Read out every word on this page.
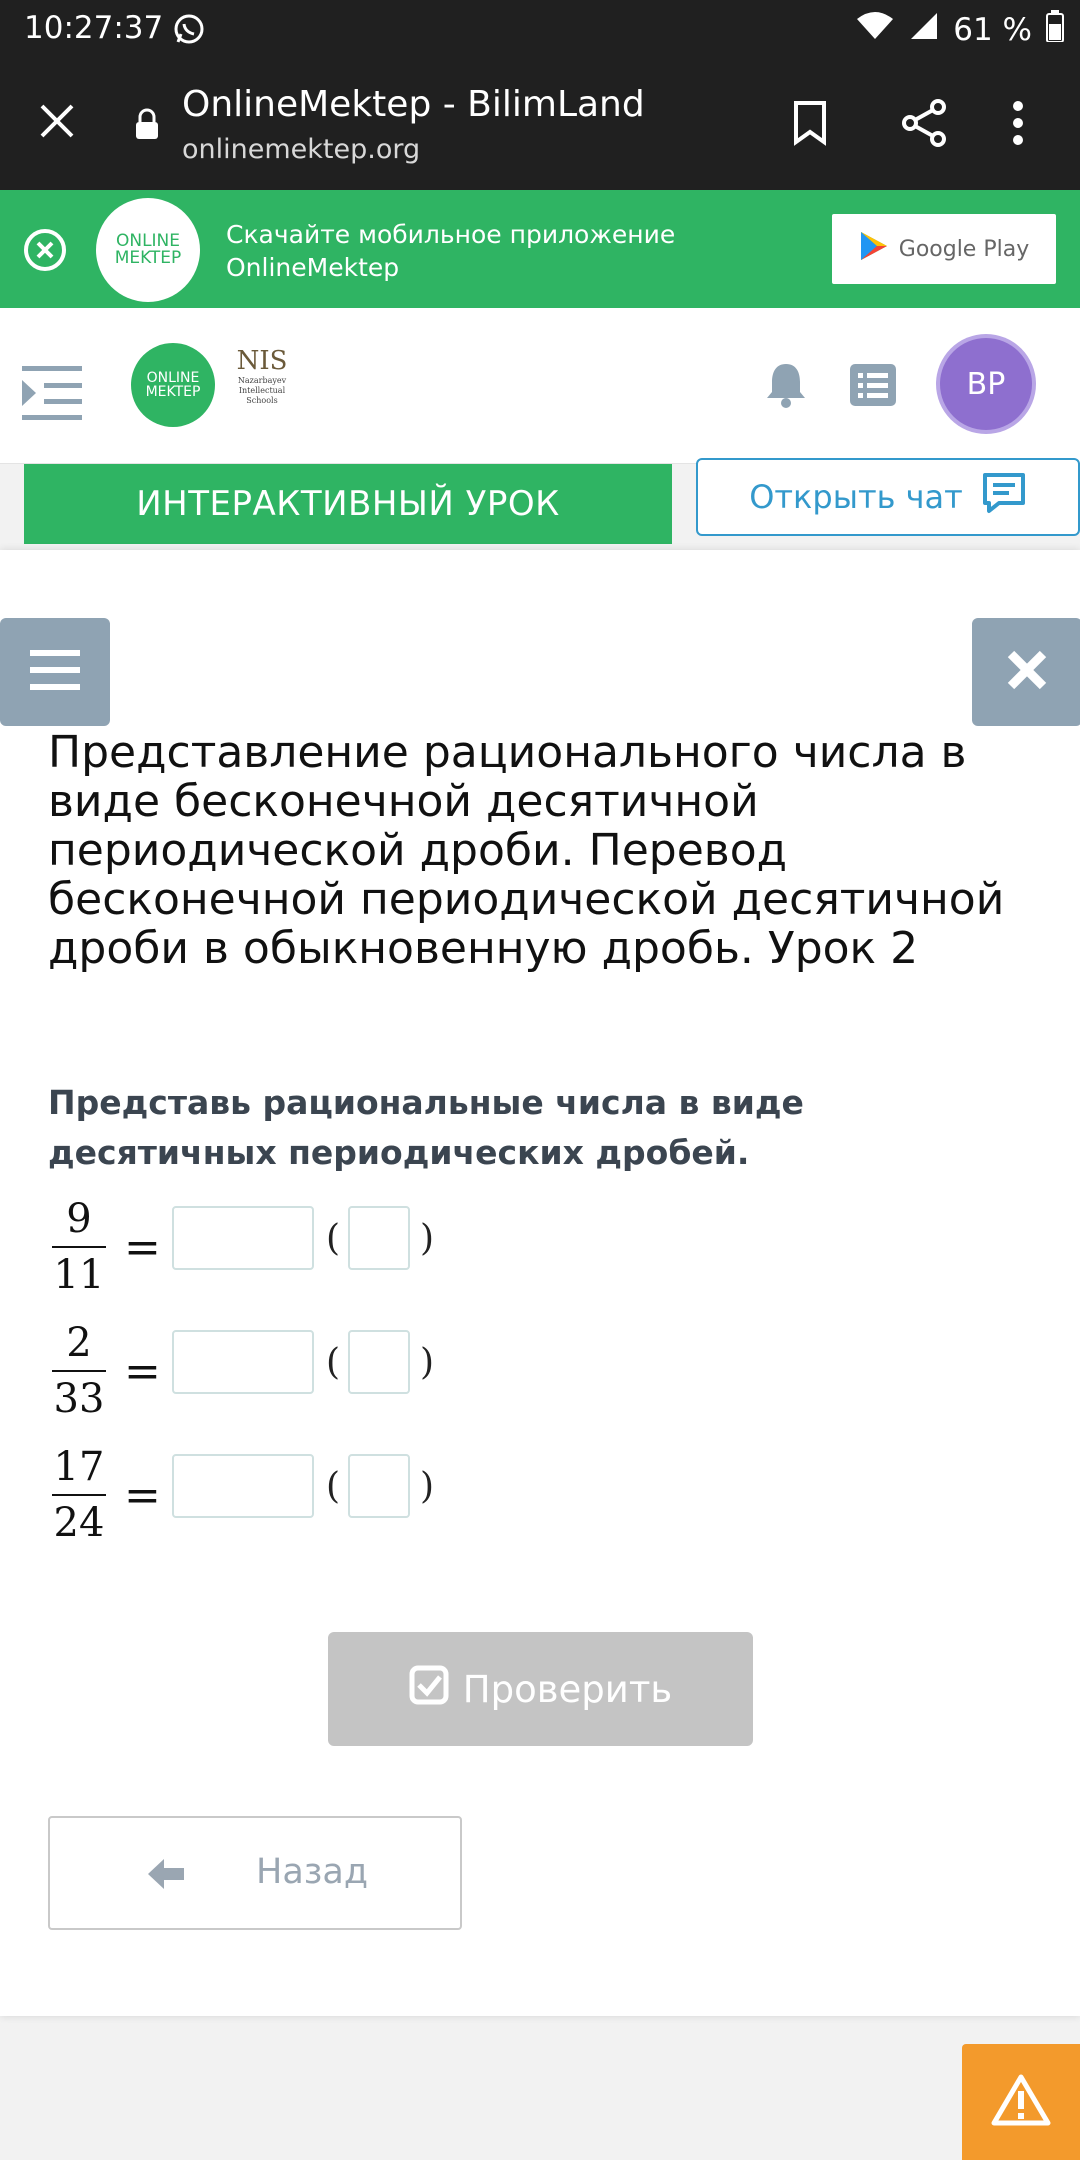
10:27:37	61 %
OnlineMektep - BilimLand
onlinemektep.org
ONLINE
MEKTEP
Скачайте мобильное приложение
OnlineMektep
Google Play
ONLINE
MEKTEP
NIS
Nazarbayev
Intellectual
Schools	BP
ИНТЕРАКТИВНЫЙ УРОК	Открыть чат
Представление рационального числа в виде бесконечной десятичной периодической дроби. Перевод бесконечной периодической десятичной дроби в обыкновенную дробь. Урок 2
Представь рациональные числа в виде десятичных периодических дробей.
9
11
=	( )
2
33
=	( )
17
24
=	( )
Проверить
Назад
